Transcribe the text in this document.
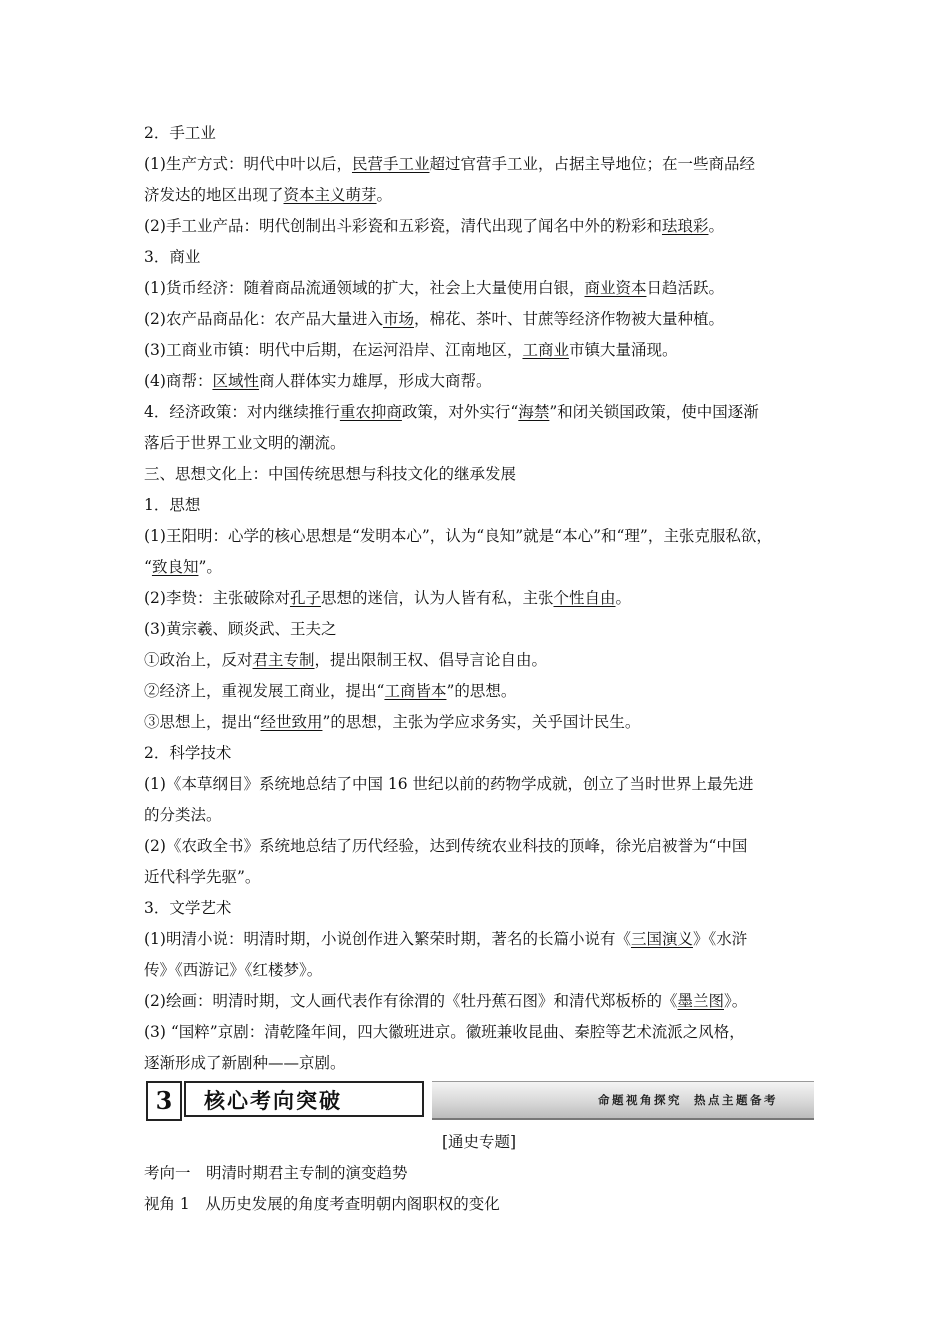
2．手工业
(1)生产方式：明代中叶以后，民营手工业超过官营手工业，占据主导地位；在一些商品经
济发达的地区出现了资本主义萌芽。
(2)手工业产品：明代创制出斗彩瓷和五彩瓷，清代出现了闻名中外的粉彩和珐琅彩。
3．商业
(1)货币经济：随着商品流通领域的扩大，社会上大量使用白银，商业资本日趋活跃。
(2)农产品商品化：农产品大量进入市场，棉花、茶叶、甘蔗等经济作物被大量种植。
(3)工商业市镇：明代中后期，在运河沿岸、江南地区，工商业市镇大量涌现。
(4)商帮：区域性商人群体实力雄厚，形成大商帮。
4．经济政策：对内继续推行重农抑商政策，对外实行“海禁”和闭关锁国政策，使中国逐渐
落后于世界工业文明的潮流。
三、思想文化上：中国传统思想与科技文化的继承发展
1．思想
(1)王阳明：心学的核心思想是“发明本心”，认为“良知”就是“本心”和“理”，主张克服私欲，
“致良知”。
(2)李贽：主张破除对孔子思想的迷信，认为人皆有私，主张个性自由。
(3)黄宗羲、顾炎武、王夫之
①政治上，反对君主专制，提出限制王权、倡导言论自由。
②经济上，重视发展工商业，提出“工商皆本”的思想。
③思想上，提出“经世致用”的思想，主张为学应求务实，关乎国计民生。
2．科学技术
(1)《本草纲目》系统地总结了中国 16 世纪以前的药物学成就，创立了当时世界上最先进
的分类法。
(2)《农政全书》系统地总结了历代经验，达到传统农业科技的顶峰，徐光启被誉为“中国
近代科学先驱”。
3．文学艺术
(1)明清小说：明清时期，小说创作进入繁荣时期，著名的长篇小说有《三国演义》《水浒
传》《西游记》《红楼梦》。
(2)绘画：明清时期，文人画代表作有徐渭的《牡丹蕉石图》和清代郑板桥的《墨兰图》。
(3) “国粹”京剧：清乾隆年间，四大徽班进京。徽班兼收昆曲、秦腔等艺术流派之风格，
逐渐形成了新剧种——京剧。
3	核心考向突破	命题视角探究 热点主题备考
[通史专题]
考向一　明清时期君主专制的演变趋势
视角 1　从历史发展的角度考查明朝内阁职权的变化
